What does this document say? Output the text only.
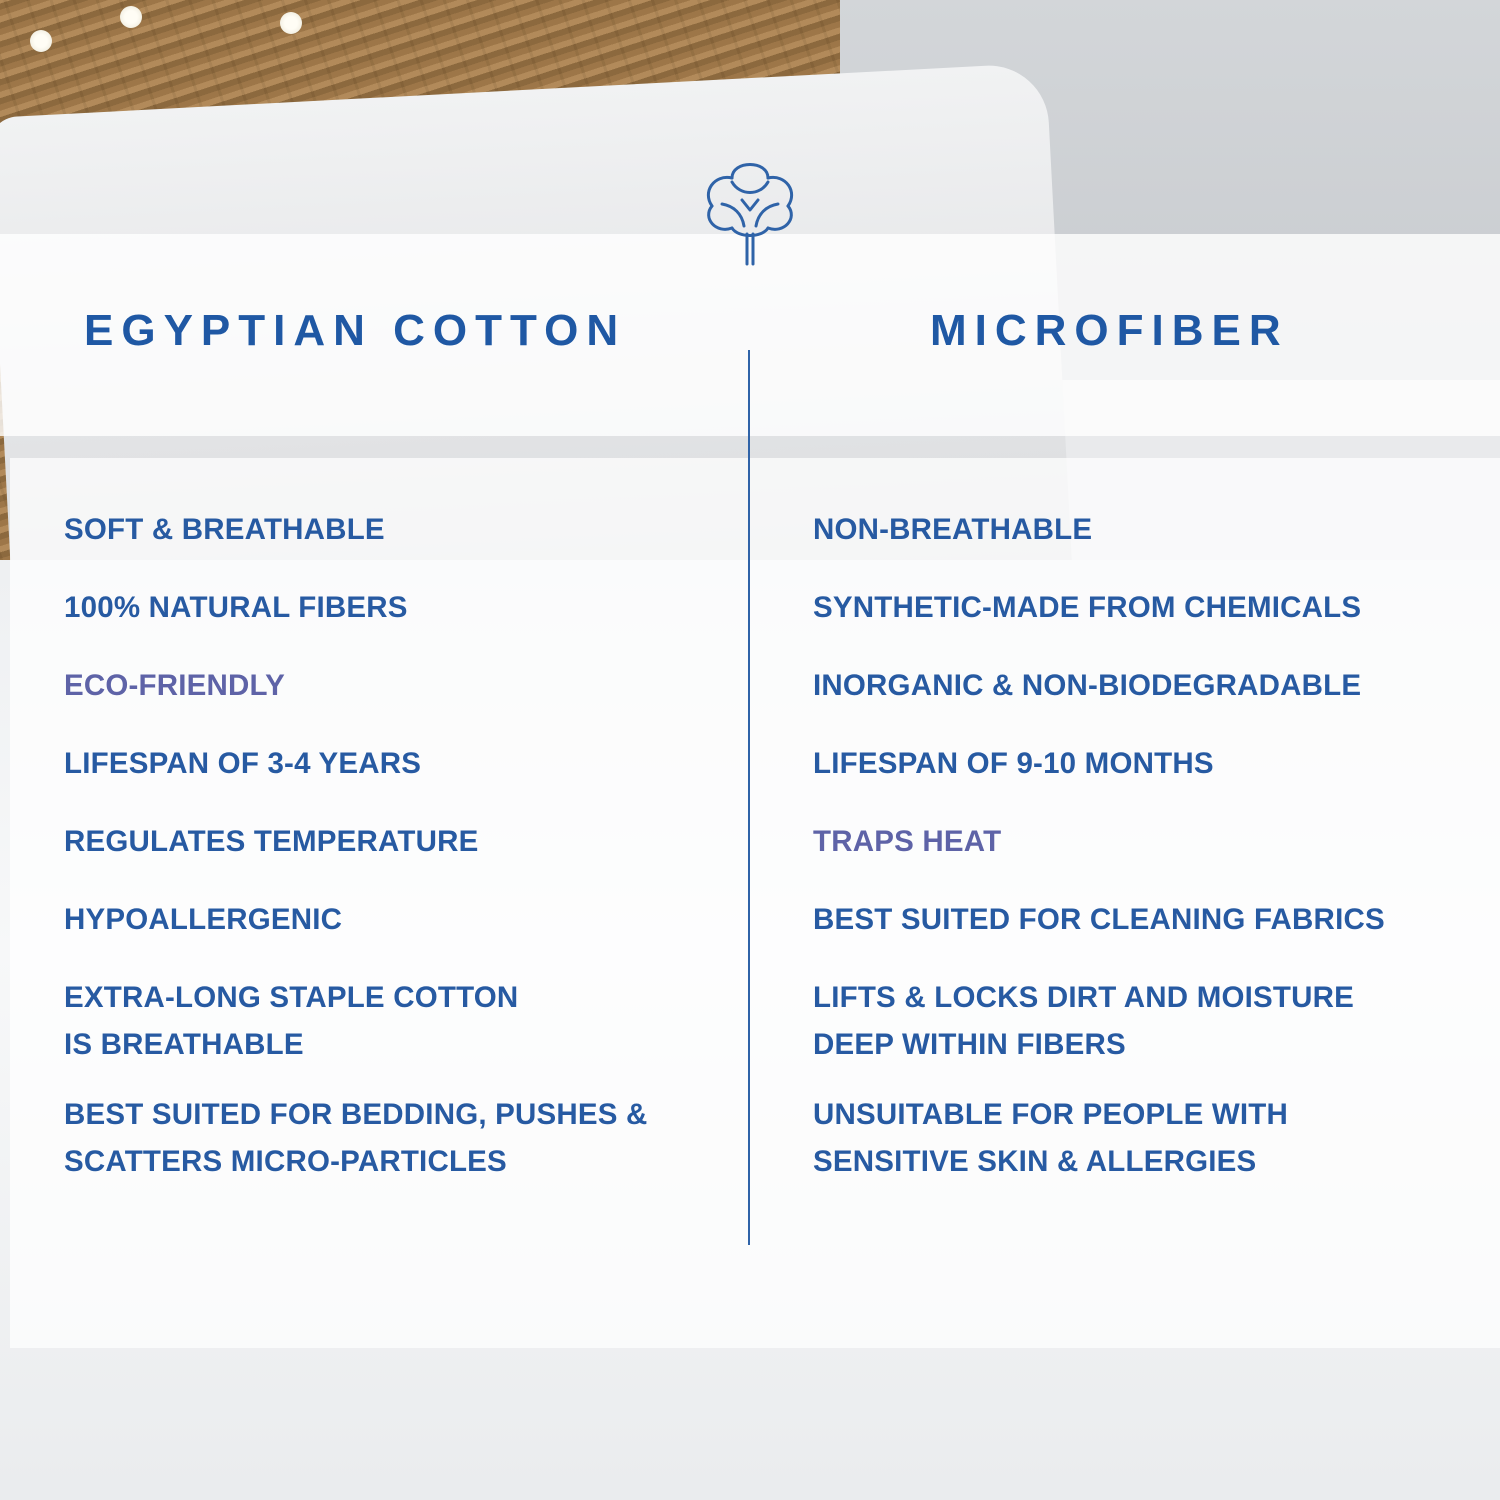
EGYPTIAN COTTON	MICROFIBER
SOFT & BREATHABLE
100% NATURAL FIBERS
ECO-FRIENDLY
LIFESPAN OF 3-4 YEARS
REGULATES TEMPERATURE
HYPOALLERGENIC
EXTRA-LONG STAPLE COTTON
IS BREATHABLE
BEST SUITED FOR BEDDING, PUSHES &
SCATTERS MICRO-PARTICLES
NON-BREATHABLE
SYNTHETIC-MADE FROM CHEMICALS
INORGANIC & NON-BIODEGRADABLE
LIFESPAN OF 9-10 MONTHS
TRAPS HEAT
BEST SUITED FOR CLEANING FABRICS
LIFTS & LOCKS DIRT AND MOISTURE
DEEP WITHIN FIBERS
UNSUITABLE FOR PEOPLE WITH
SENSITIVE SKIN & ALLERGIES
